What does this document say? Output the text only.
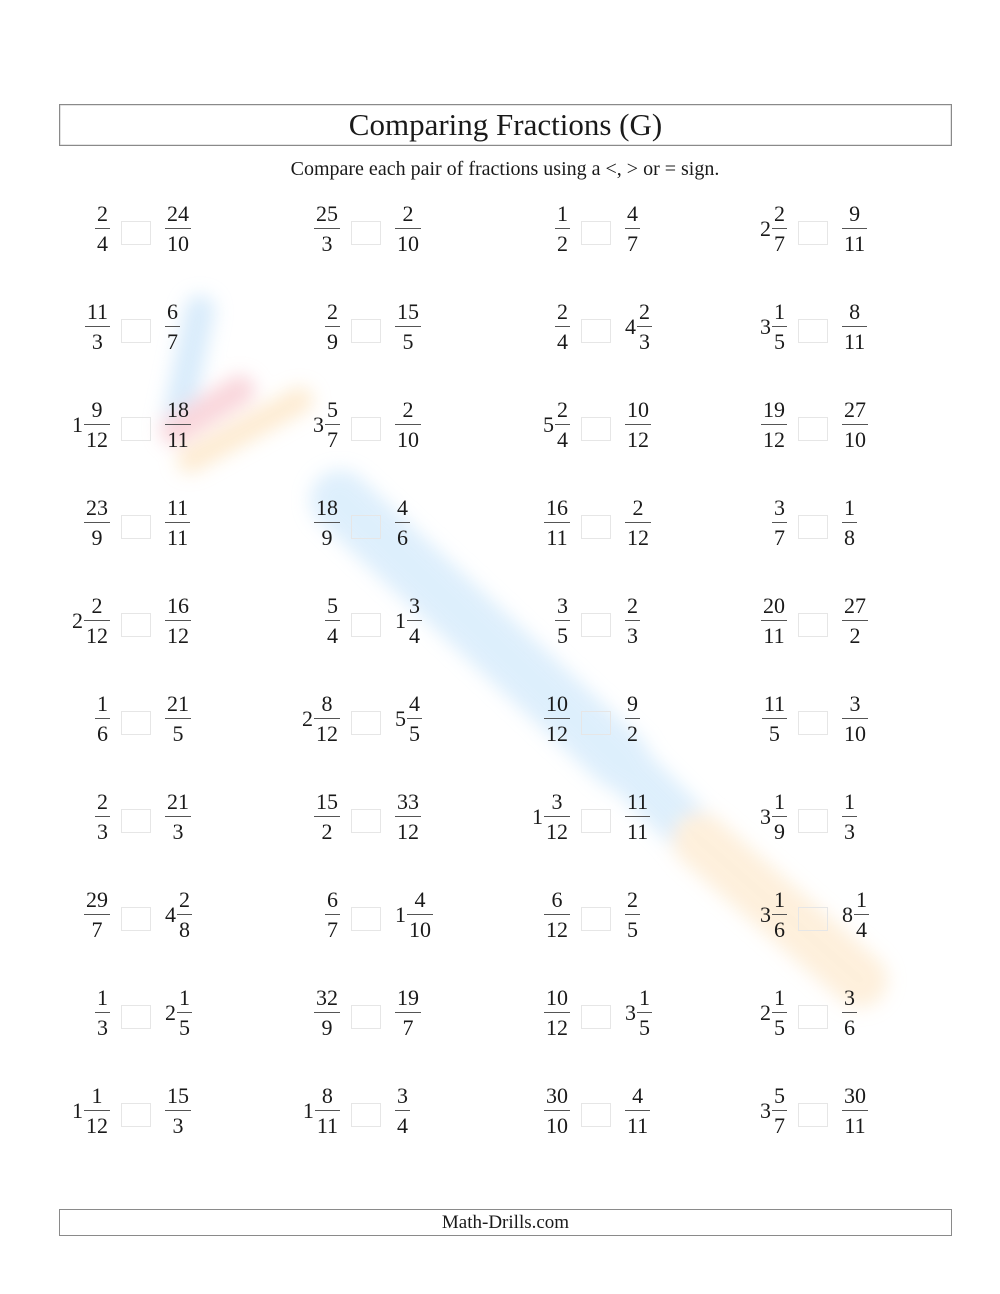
Comparing Fractions (G)
Compare each pair of fractions using a <, > or = sign.
$\frac{2}{4}$	$\frac{24}{10}$	$\frac{25}{3}$	$\frac{2}{10}$	$\frac{1}{2}$	$\frac{4}{7}$	$2 \frac{2}{7}$	$\frac{9}{11}$
$\frac{11}{3}$	$\frac{6}{7}$	$\frac{2}{9}$	$\frac{15}{5}$	$\frac{2}{4}$	$4 \frac{2}{3}$	$3 \frac{1}{5}$	$\frac{8}{11}$
$1 \frac{9}{12}$	$\frac{18}{11}$	$3 \frac{5}{7}$	$\frac{2}{10}$	$5 \frac{2}{4}$	$\frac{10}{12}$	$\frac{19}{12}$	$\frac{27}{10}$
$\frac{23}{9}$	$\frac{11}{11}$	$\frac{18}{9}$	$\frac{4}{6}$	$\frac{16}{11}$	$\frac{2}{12}$	$\frac{3}{7}$	$\frac{1}{8}$
$2 \frac{2}{12}$	$\frac{16}{12}$	$\frac{5}{4}$	$1 \frac{3}{4}$	$\frac{3}{5}$	$\frac{2}{3}$	$\frac{20}{11}$	$\frac{27}{2}$
$\frac{1}{6}$	$\frac{21}{5}$	$2 \frac{8}{12}$	$5 \frac{4}{5}$	$\frac{10}{12}$	$\frac{9}{2}$	$\frac{11}{5}$	$\frac{3}{10}$
$\frac{2}{3}$	$\frac{21}{3}$	$\frac{15}{2}$	$\frac{33}{12}$	$1 \frac{3}{12}$	$\frac{11}{11}$	$3 \frac{1}{9}$	$\frac{1}{3}$
$\frac{29}{7}$	$4 \frac{2}{8}$	$\frac{6}{7}$	$1 \frac{4}{10}$	$\frac{6}{12}$	$\frac{2}{5}$	$3 \frac{1}{6}$	$8 \frac{1}{4}$
$\frac{1}{3}$	$2 \frac{1}{5}$	$\frac{32}{9}$	$\frac{19}{7}$	$\frac{10}{12}$	$3 \frac{1}{5}$	$2 \frac{1}{5}$	$\frac{3}{6}$
$1 \frac{1}{12}$	$\frac{15}{3}$	$1 \frac{8}{11}$	$\frac{3}{4}$	$\frac{30}{10}$	$\frac{4}{11}$	$3 \frac{5}{7}$	$\frac{30}{11}$
Math-Drills.com
